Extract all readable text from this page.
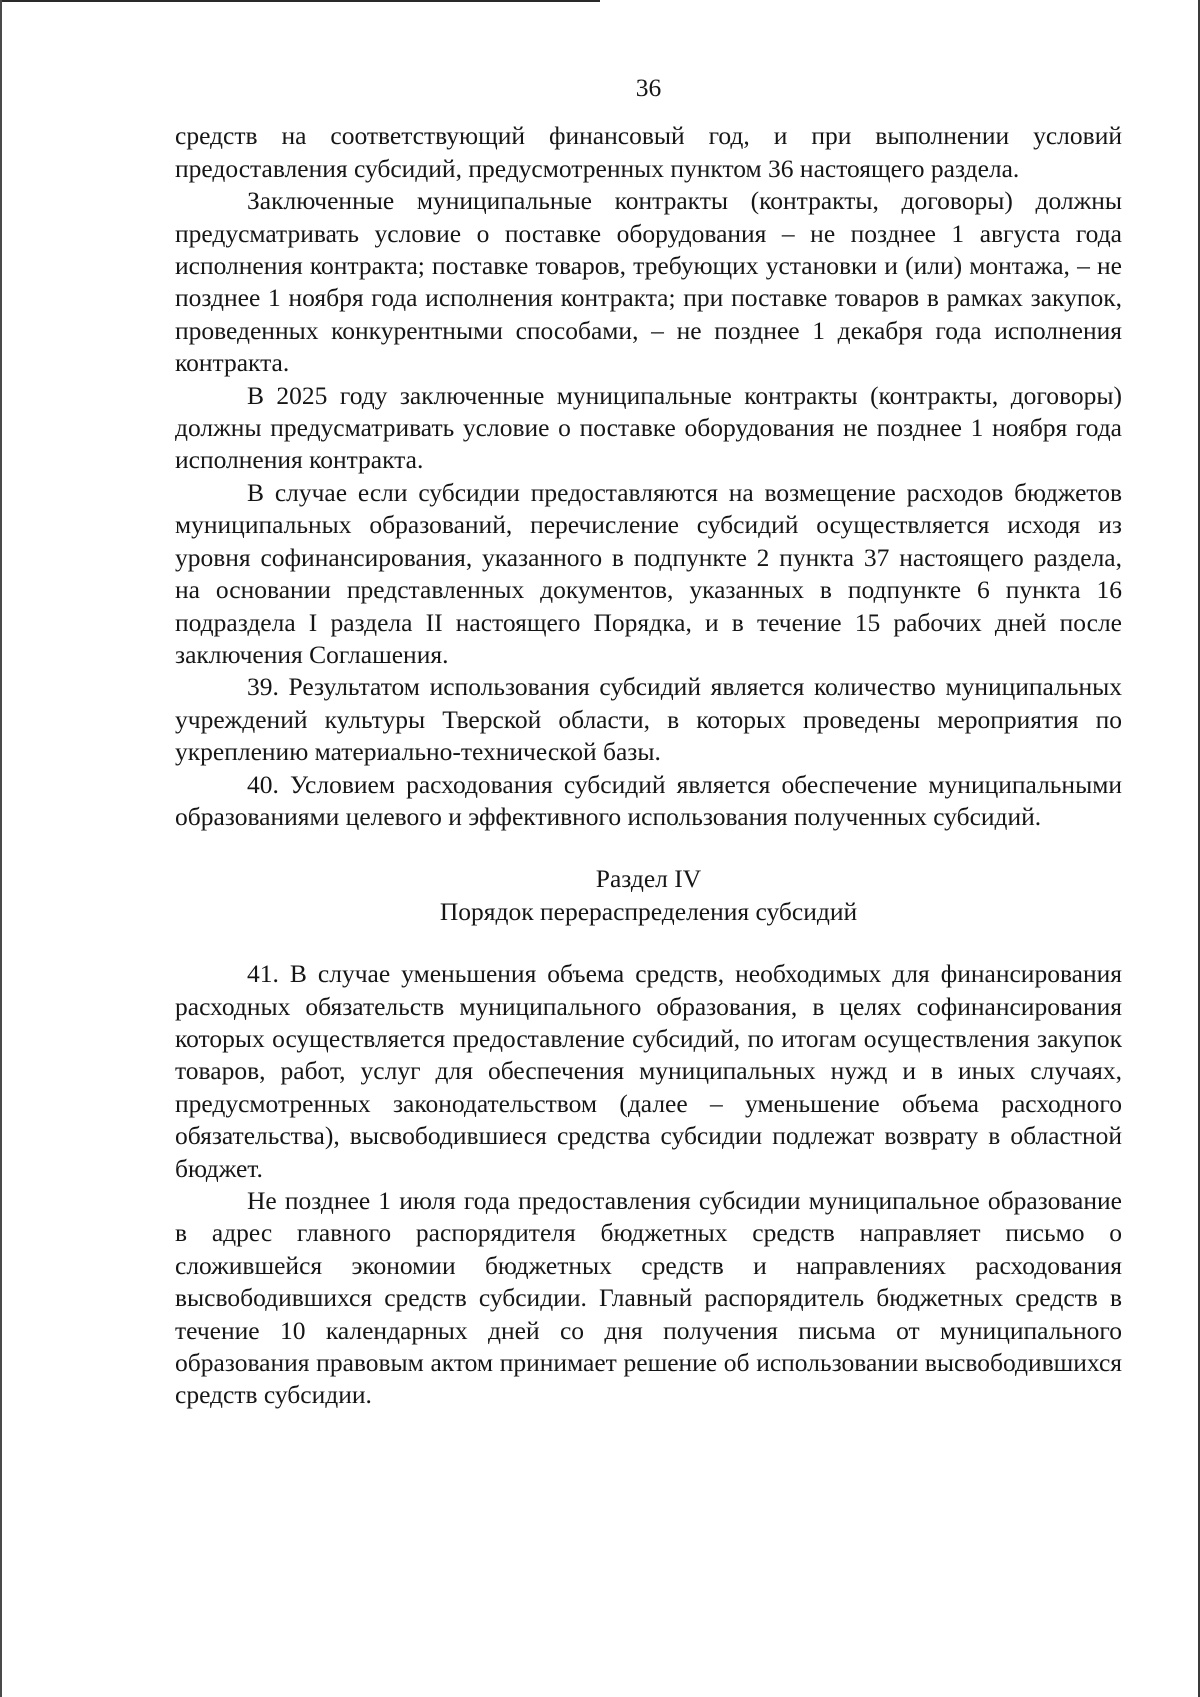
36

средств на соответствующий финансовый год, и при выполнении условий предоставления субсидий, предусмотренных пунктом 36 настоящего раздела.

Заключенные муниципальные контракты (контракты, договоры) должны предусматривать условие о поставке оборудования – не позднее 1 августа года исполнения контракта; поставке товаров, требующих установки и (или) монтажа, – не позднее 1 ноября года исполнения контракта; при поставке товаров в рамках закупок, проведенных конкурентными способами, – не позднее 1 декабря года исполнения контракта.

В 2025 году заключенные муниципальные контракты (контракты, договоры) должны предусматривать условие о поставке оборудования не позднее 1 ноября года исполнения контракта.

В случае если субсидии предоставляются на возмещение расходов бюджетов муниципальных образований, перечисление субсидий осуществляется исходя из уровня софинансирования, указанного в подпункте 2 пункта 37 настоящего раздела, на основании представленных документов, указанных в подпункте 6 пункта 16 подраздела I раздела II настоящего Порядка, и в течение 15 рабочих дней после заключения Соглашения.

39. Результатом использования субсидий является количество муниципальных учреждений культуры Тверской области, в которых проведены мероприятия по укреплению материально-технической базы.

40. Условием расходования субсидий является обеспечение муниципальными образованиями целевого и эффективного использования полученных субсидий.

Раздел IV
Порядок перераспределения субсидий

41. В случае уменьшения объема средств, необходимых для финансирования расходных обязательств муниципального образования, в целях софинансирования которых осуществляется предоставление субсидий, по итогам осуществления закупок товаров, работ, услуг для обеспечения муниципальных нужд и в иных случаях, предусмотренных законодательством (далее – уменьшение объема расходного обязательства), высвободившиеся средства субсидии подлежат возврату в областной бюджет.

Не позднее 1 июля года предоставления субсидии муниципальное образование в адрес главного распорядителя бюджетных средств направляет письмо о сложившейся экономии бюджетных средств и направлениях расходования высвободившихся средств субсидии. Главный распорядитель бюджетных средств в течение 10 календарных дней со дня получения письма от муниципального образования правовым актом принимает решение об использовании высвободившихся средств субсидии.
